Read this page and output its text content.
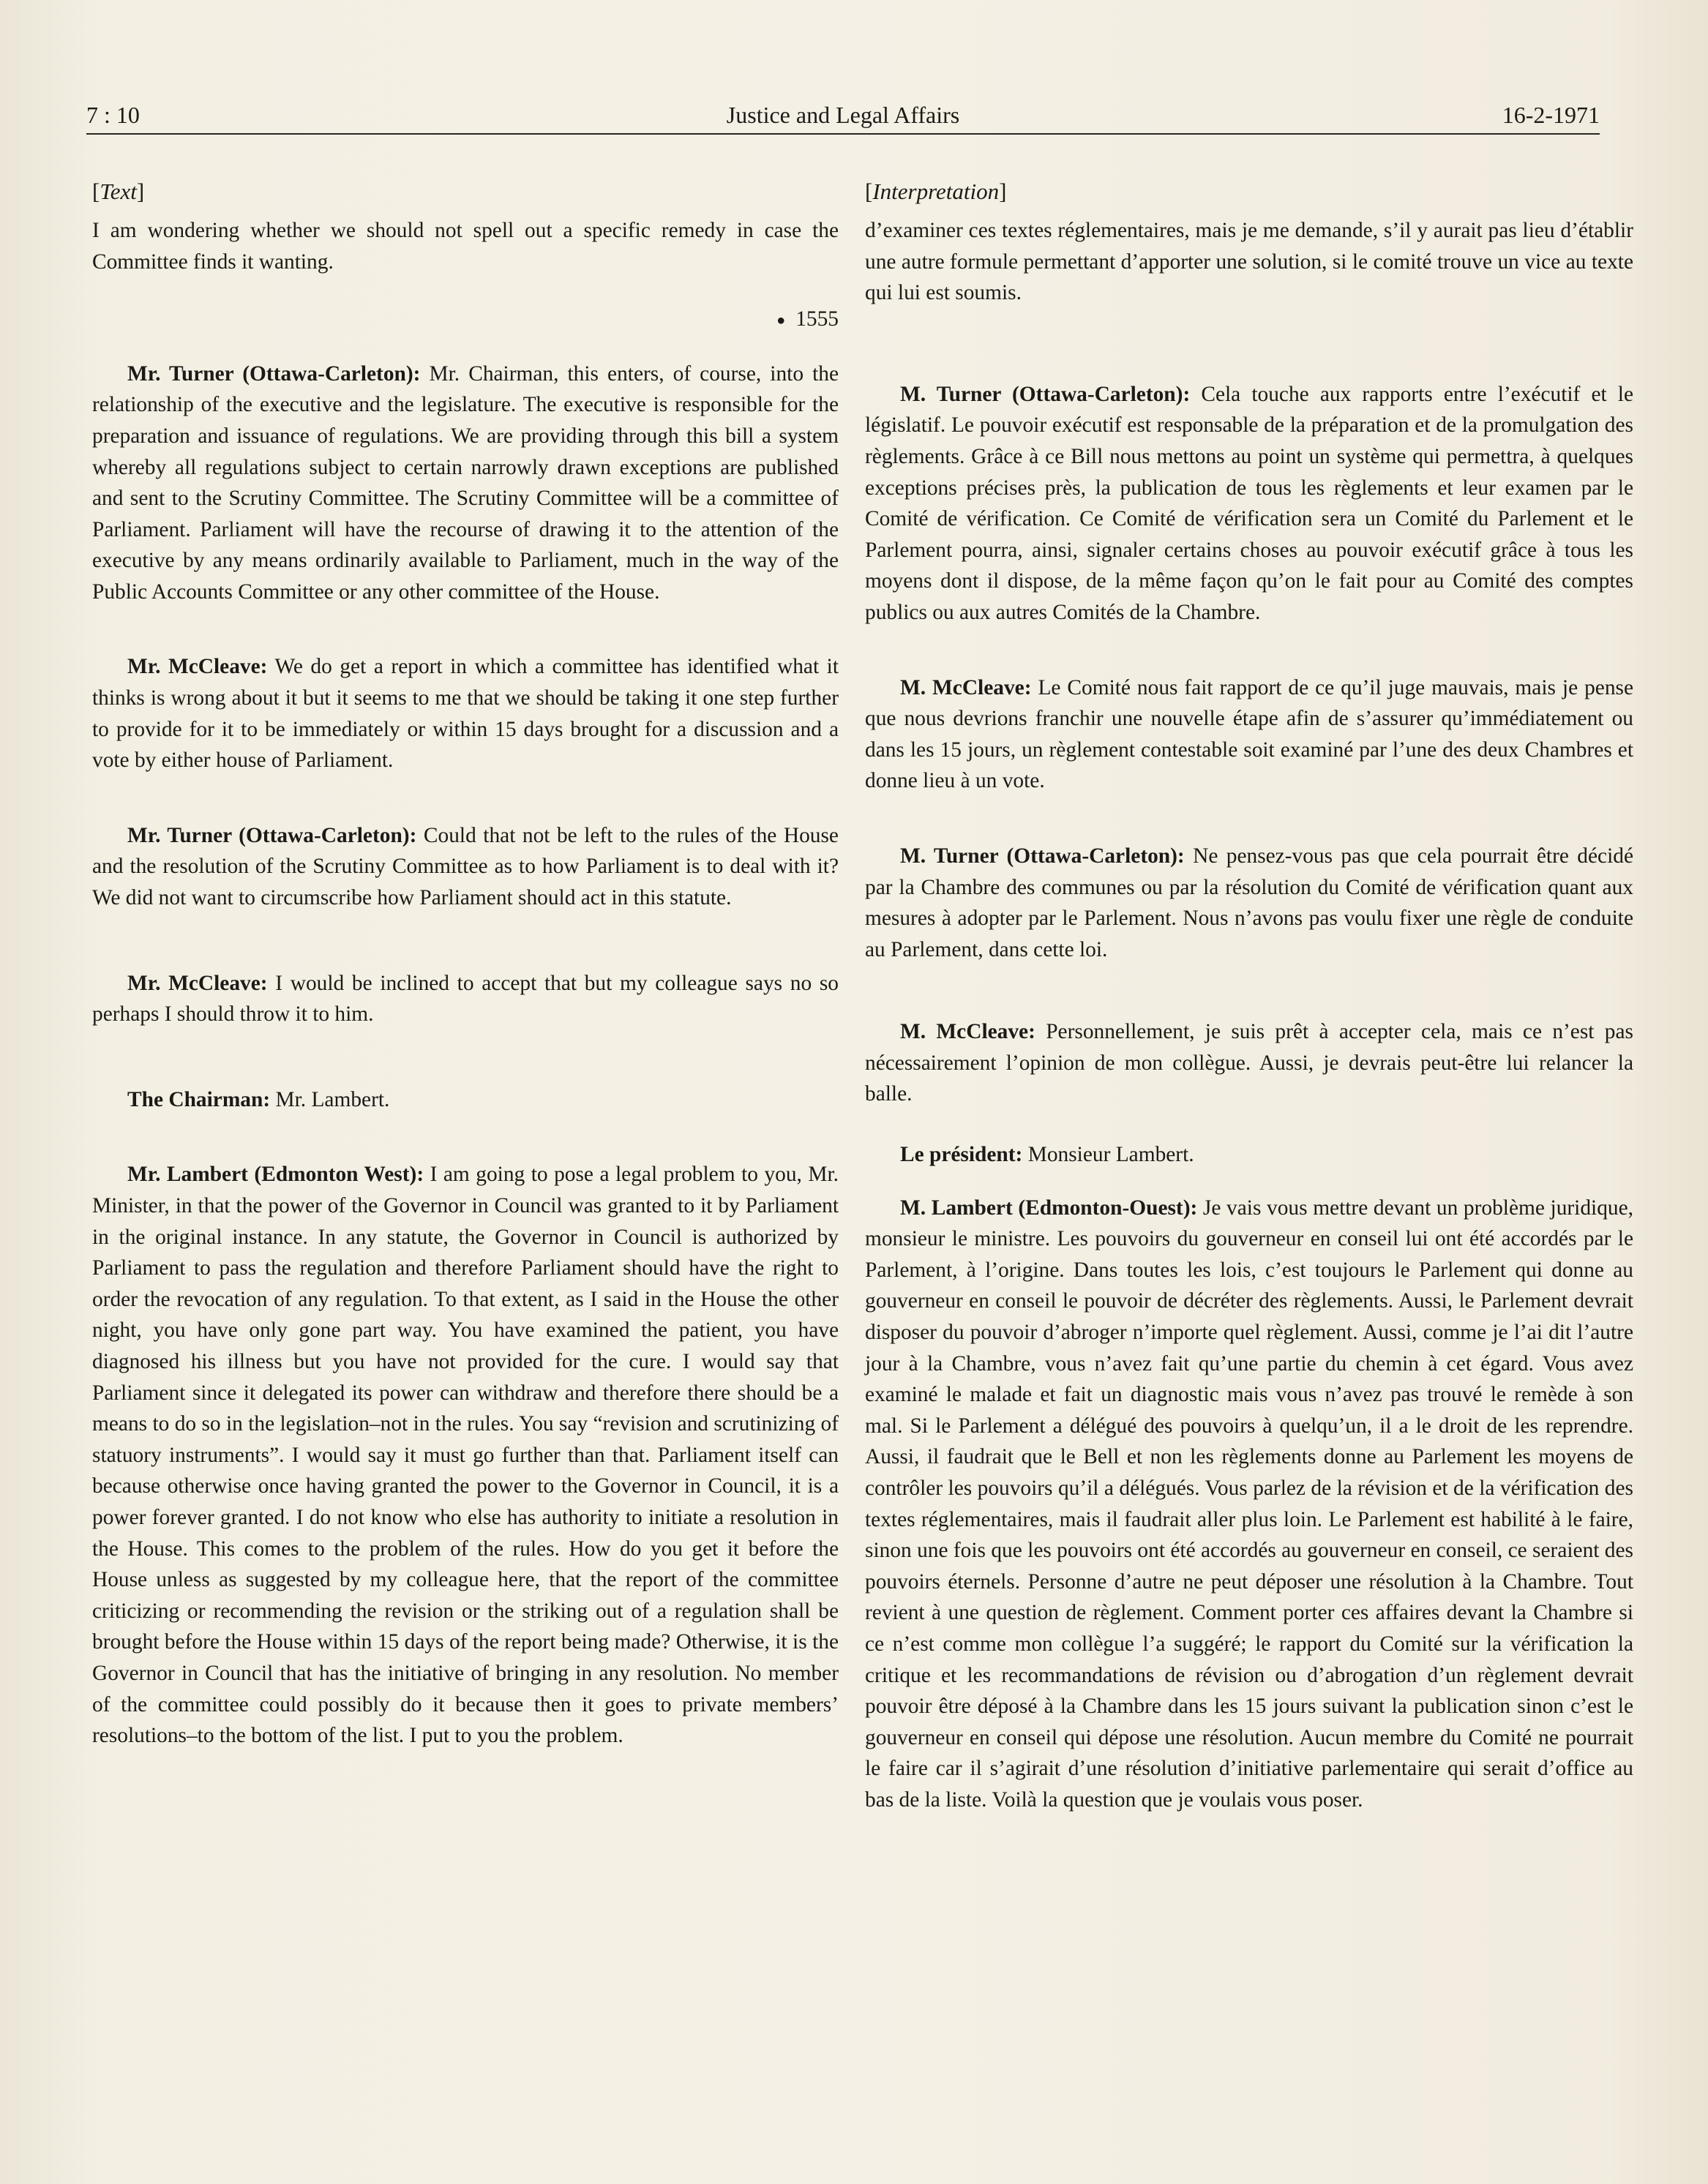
7 : 10	Justice and Legal Affairs	16-2-1971
[Text]

I am wondering whether we should not spell out a specific remedy in case the Committee finds it wanting.

● 1555

Mr. Turner (Ottawa-Carleton): Mr. Chairman, this enters, of course, into the relationship of the executive and the legislature. The executive is responsible for the preparation and issuance of regulations. We are providing through this bill a system whereby all regulations subject to certain narrowly drawn exceptions are published and sent to the Scrutiny Committee. The Scrutiny Committee will be a committee of Parliament. Parliament will have the recourse of drawing it to the attention of the executive by any means ordinarily available to Parliament, much in the way of the Public Accounts Committee or any other committee of the House.

Mr. McCleave: We do get a report in which a committee has identified what it thinks is wrong about it but it seems to me that we should be taking it one step further to provide for it to be immediately or within 15 days brought for a discussion and a vote by either house of Parliament.

Mr. Turner (Ottawa-Carleton): Could that not be left to the rules of the House and the resolution of the Scrutiny Committee as to how Parliament is to deal with it? We did not want to circumscribe how Parliament should act in this statute.

Mr. McCleave: I would be inclined to accept that but my colleague says no so perhaps I should throw it to him.

The Chairman: Mr. Lambert.

Mr. Lambert (Edmonton West): I am going to pose a legal problem to you, Mr. Minister, in that the power of the Governor in Council was granted to it by Parliament in the original instance. In any statute, the Governor in Council is authorized by Parliament to pass the regulation and therefore Parliament should have the right to order the revocation of any regulation. To that extent, as I said in the House the other night, you have only gone part way. You have examined the patient, you have diagnosed his illness but you have not provided for the cure. I would say that Parliament since it delegated its power can withdraw and therefore there should be a means to do so in the legislation–not in the rules. You say “revision and scrutinizing of statuory instruments”. I would say it must go further than that. Parliament itself can because otherwise once having granted the power to the Governor in Council, it is a power forever granted. I do not know who else has authority to initiate a resolution in the House. This comes to the problem of the rules. How do you get it before the House unless as suggested by my colleague here, that the report of the committee criticizing or recommending the revision or the striking out of a regulation shall be brought before the House within 15 days of the report being made? Otherwise, it is the Governor in Council that has the initiative of bringing in any resolution. No member of the committee could possibly do it because then it goes to private members’ resolutions–to the bottom of the list. I put to you the problem.

[Interpretation]

d’examiner ces textes réglementaires, mais je me demande, s’il y aurait pas lieu d’établir une autre formule permettant d’apporter une solution, si le comité trouve un vice au texte qui lui est soumis.

M. Turner (Ottawa-Carleton): Cela touche aux rapports entre l’exécutif et le législatif. Le pouvoir exécutif est responsable de la préparation et de la promulgation des règlements. Grâce à ce Bill nous mettons au point un système qui permettra, à quelques exceptions précises près, la publication de tous les règlements et leur examen par le Comité de vérification. Ce Comité de vérification sera un Comité du Parlement et le Parlement pourra, ainsi, signaler certains choses au pouvoir exécutif grâce à tous les moyens dont il dispose, de la même façon qu’on le fait pour au Comité des comptes publics ou aux autres Comités de la Chambre.

M. McCleave: Le Comité nous fait rapport de ce qu’il juge mauvais, mais je pense que nous devrions franchir une nouvelle étape afin de s’assurer qu’immédiatement ou dans les 15 jours, un règlement contestable soit examiné par l’une des deux Chambres et donne lieu à un vote.

M. Turner (Ottawa-Carleton): Ne pensez-vous pas que cela pourrait être décidé par la Chambre des communes ou par la résolution du Comité de vérification quant aux mesures à adopter par le Parlement. Nous n’avons pas voulu fixer une règle de conduite au Parlement, dans cette loi.

M. McCleave: Personnellement, je suis prêt à accepter cela, mais ce n’est pas nécessairement l’opinion de mon collègue. Aussi, je devrais peut-être lui relancer la balle.

Le président: Monsieur Lambert.

M. Lambert (Edmonton-Ouest): Je vais vous mettre devant un problème juridique, monsieur le ministre. Les pouvoirs du gouverneur en conseil lui ont été accordés par le Parlement, à l’origine. Dans toutes les lois, c’est toujours le Parlement qui donne au gouverneur en conseil le pouvoir de décréter des règlements. Aussi, le Parlement devrait disposer du pouvoir d’abroger n’importe quel règlement. Aussi, comme je l’ai dit l’autre jour à la Chambre, vous n’avez fait qu’une partie du chemin à cet égard. Vous avez examiné le malade et fait un diagnostic mais vous n’avez pas trouvé le remède à son mal. Si le Parlement a délégué des pouvoirs à quelqu’un, il a le droit de les reprendre. Aussi, il faudrait que le Bell et non les règlements donne au Parlement les moyens de contrôler les pouvoirs qu’il a délégués. Vous parlez de la révision et de la vérification des textes réglementaires, mais il faudrait aller plus loin. Le Parlement est habilité à le faire, sinon une fois que les pouvoirs ont été accordés au gouverneur en conseil, ce seraient des pouvoirs éternels. Personne d’autre ne peut déposer une résolution à la Chambre. Tout revient à une question de règlement. Comment porter ces affaires devant la Chambre si ce n’est comme mon collègue l’a suggéré; le rapport du Comité sur la vérification la critique et les recommandations de révision ou d’abrogation d’un règlement devrait pouvoir être déposé à la Chambre dans les 15 jours suivant la publication sinon c’est le gouverneur en conseil qui dépose une résolution. Aucun membre du Comité ne pourrait le faire car il s’agirait d’une résolution d’initiative parlementaire qui serait d’office au bas de la liste. Voilà la question que je voulais vous poser.
